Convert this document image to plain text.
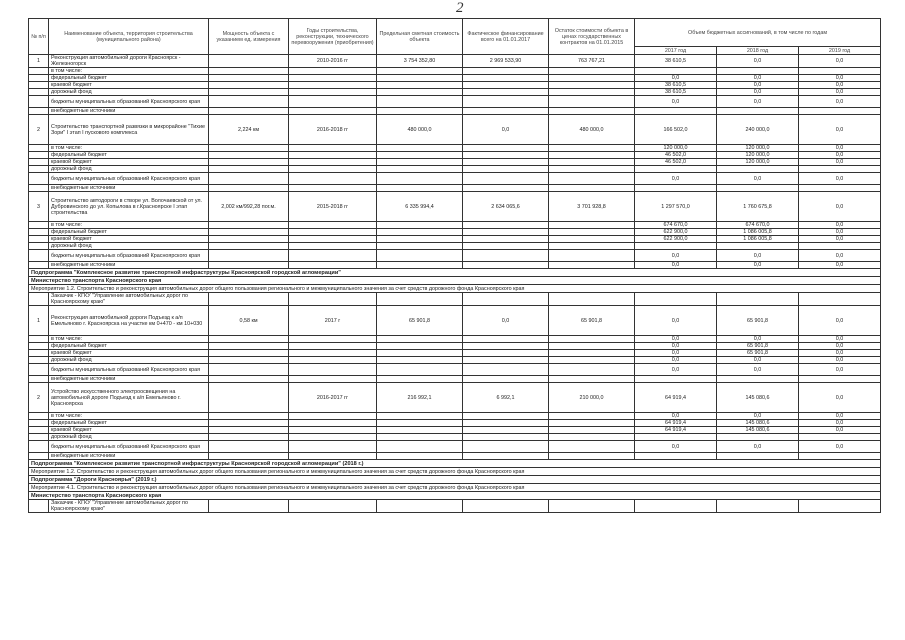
2
№ п/п	Наименование объекта, территория строительства (муниципального района)	Мощность объекта с указанием ед. измерения	Годы строительства, реконструкции, технического перевооружения (приобретения)	Предельная сметная стоимость объекта	Фактическое финансирование всего на 01.01.2017	Остаток стоимости объекта в ценах государственных контрактов на 01.01.2015	Объем бюджетных ассигнований, в том числе по годам		
							2017 год	2018 год	2019 год
1	Реконструкция автомобильной дороги Красноярск - Железногорск		2010-2016 гг	3 754 352,80	2 969 533,90	763 767,21	38 610,5	0,0	0,0
	в том числе:								
	федеральный бюджет						0,0	0,0	0,0
	краевой бюджет						38 610,5	0,0	0,0
	дорожный фонд						38 610,5	0,0	0,0
	бюджеты муниципальных образований Красноярского края						0,0	0,0	0,0
	внебюджетные источники								
2	Строительство транспортной развязки в микрорайоне "Тихие Зори" I этап I пускового комплекса	2,224 км	2016-2018 гг	480 000,0	0,0	480 000,0	166 502,0	240 000,0	0,0
	в том числе:						120 000,0	120 000,0	0,0
	федеральный бюджет						46 502,0	120 000,0	0,0
	краевой бюджет						46 502,0	120 000,0	0,0
	дорожный фонд								
	бюджеты муниципальных образований Красноярского края						0,0	0,0	0,0
	внебюджетные источники								
3	Строительство автодороги в створе ул. Волочаевской от ул. Дубровинского до ул. Копылова в г.Красноярске I этап строительства	2,002 км/992,28 пог.м.	2015-2018 гг	6 335 994,4	2 634 065,6	3 701 928,8	1 297 570,0	1 760 675,8	0,0
	в том числе:						674 670,0	674 670,0	0,0
	федеральный бюджет						622 900,0	1 086 005,8	0,0
	краевой бюджет						622 900,0	1 086 005,8	0,0
	дорожный фонд								
	бюджеты муниципальных образований Красноярского края						0,0	0,0	0,0
	внебюджетные источники						0,0	0,0	0,0
Подпрограмма "Комплексное развитие транспортной инфраструктуры Красноярской городской агломерации"									
Министерство транспорта Красноярского края									
Мероприятие 1.2. Строительство и реконструкция автомобильных дорог общего пользования регионального и межмуниципального значения за счет средств дорожного фонда Красноярского края									
	Заказчик - КГКУ "Управление автомобильных дорог по Красноярскому краю"								
1	Реконструкция автомобильной дороги Подъезд к а/п Емельяново г. Красноярска на участке км 0+470 - км 10+030	0,58 км	2017 г	65 901,8	0,0	65 901,8	0,0	65 901,8	0,0
	в том числе:						0,0	0,0	0,0
	федеральный бюджет						0,0	65 901,8	0,0
	краевой бюджет						0,0	65 901,8	0,0
	дорожный фонд						0,0	0,0	0,0
	бюджеты муниципальных образований Красноярского края						0,0	0,0	0,0
	внебюджетные источники								
2	Устройство искусственного электроосвещения на автомобильной дороге Подъезд к а/п Емельяново г. Красноярска		2016-2017 гг	216 992,1	6 992,1	210 000,0	64 919,4	145 080,6	0,0
	в том числе:						0,0	0,0	0,0
	федеральный бюджет						64 919,4	145 080,6	0,0
	краевой бюджет						64 919,4	145 080,6	0,0
	дорожный фонд								
	бюджеты муниципальных образований Красноярского края						0,0	0,0	0,0
	внебюджетные источники								
Подпрограмма "Комплексное развитие транспортной инфраструктуры Красноярской городской агломерации" (2018 г.)									
Мероприятие 1.2. Строительство и реконструкция автомобильных дорог общего пользования регионального и межмуниципального значения за счет средств дорожного фонда Красноярского края									
Подпрограмма "Дороги Красноярья" (2019 г.)									
Мероприятие 4.1. Строительство и реконструкция автомобильных дорог общего пользования регионального и межмуниципального значения за счет средств дорожного фонда Красноярского края									
Министерство транспорта Красноярского края									
	Заказчик - КГКУ "Управление автомобильных дорог по Красноярскому краю"								
